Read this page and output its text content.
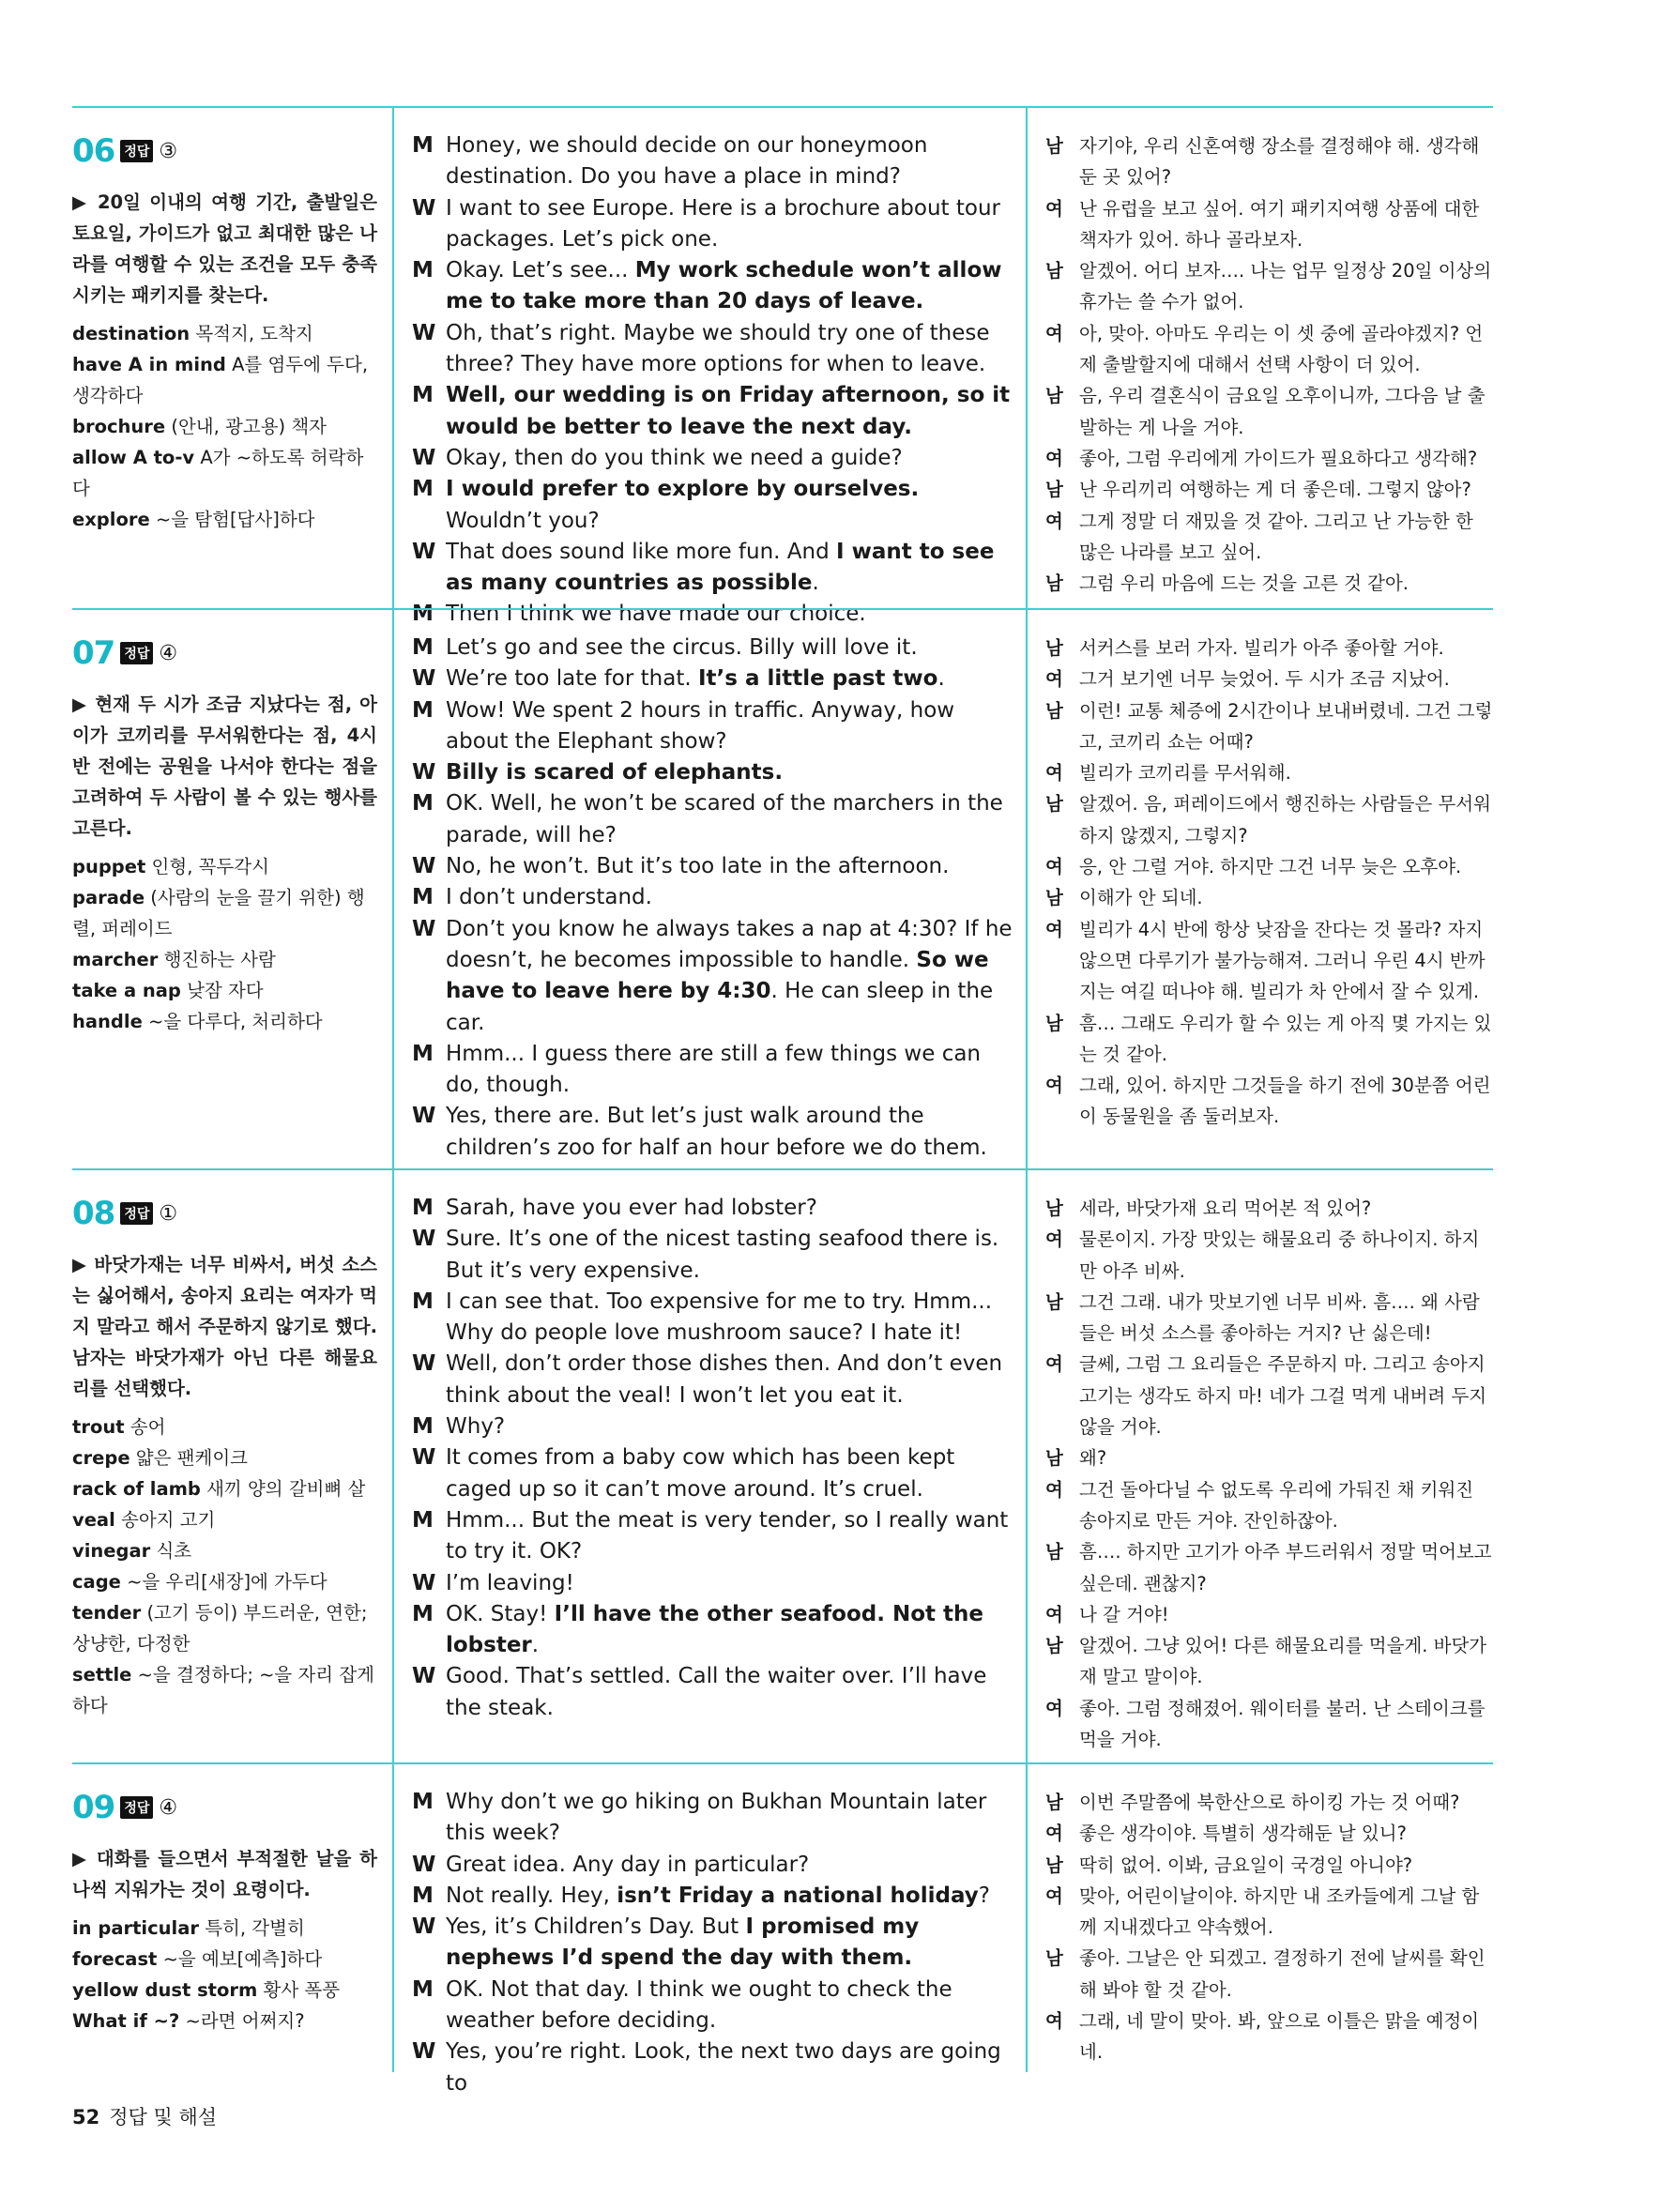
06 정답 ③
▶ 20일 이내의 여행 기간, 출발일은 토요일, 가이드가 없고 최대한 많은 나라를 여행할 수 있는 조건을 모두 충족시키는 패키지를 찾는다.
destination 목적지, 도착지
have A in mind A를 염두에 두다, 생각하다
brochure (안내, 광고용) 책자
allow A to-v A가 ~하도록 허락하다
explore ~을 탐험[답사]하다
M Honey, we should decide on our honeymoon destination. Do you have a place in mind?
W I want to see Europe. Here is a brochure about tour packages. Let’s pick one.
M Okay. Let’s see... My work schedule won’t allow me to take more than 20 days of leave.
W Oh, that’s right. Maybe we should try one of these three? They have more options for when to leave.
M Well, our wedding is on Friday afternoon, so it would be better to leave the next day.
W Okay, then do you think we need a guide?
M I would prefer to explore by ourselves. Wouldn’t you?
W That does sound like more fun. And I want to see as many countries as possible.
M Then I think we have made our choice.
남 자기야, 우리 신혼여행 장소를 결정해야 해. 생각해 둔 곳 있어?
여 난 유럽을 보고 싶어. 여기 패키지여행 상품에 대한 책자가 있어. 하나 골라보자.
남 알겠어. 어디 보자…. 나는 업무 일정상 20일 이상의 휴가는 쓸 수가 없어.
여 아, 맞아. 아마도 우리는 이 셋 중에 골라야겠지? 언제 출발할지에 대해서 선택 사항이 더 있어.
남 음, 우리 결혼식이 금요일 오후이니까, 그다음 날 출발하는 게 나을 거야.
여 좋아, 그럼 우리에게 가이드가 필요하다고 생각해?
남 난 우리끼리 여행하는 게 더 좋은데. 그렇지 않아?
여 그게 정말 더 재밌을 것 같아. 그리고 난 가능한 한 많은 나라를 보고 싶어.
남 그럼 우리 마음에 드는 것을 고른 것 같아.
07 정답 ④
▶ 현재 두 시가 조금 지났다는 점, 아이가 코끼리를 무서워한다는 점, 4시 반 전에는 공원을 나서야 한다는 점을 고려하여 두 사람이 볼 수 있는 행사를 고른다.
puppet 인형, 꼭두각시
parade (사람의 눈을 끌기 위한) 행렬, 퍼레이드
marcher 행진하는 사람
take a nap 낮잠 자다
handle ~을 다루다, 처리하다
M Let’s go and see the circus. Billy will love it.
W We’re too late for that. It’s a little past two.
M Wow! We spent 2 hours in traffic. Anyway, how about the Elephant show?
W Billy is scared of elephants.
M OK. Well, he won’t be scared of the marchers in the parade, will he?
W No, he won’t. But it’s too late in the afternoon.
M I don’t understand.
W Don’t you know he always takes a nap at 4:30? If he doesn’t, he becomes impossible to handle. So we have to leave here by 4:30. He can sleep in the car.
M Hmm... I guess there are still a few things we can do, though.
W Yes, there are. But let’s just walk around the children’s zoo for half an hour before we do them.
남 서커스를 보러 가자. 빌리가 아주 좋아할 거야.
여 그거 보기엔 너무 늦었어. 두 시가 조금 지났어.
남 이런! 교통 체증에 2시간이나 보내버렸네. 그건 그렇고, 코끼리 쇼는 어때?
여 빌리가 코끼리를 무서워해.
남 알겠어. 음, 퍼레이드에서 행진하는 사람들은 무서워하지 않겠지, 그렇지?
여 응, 안 그럴 거야. 하지만 그건 너무 늦은 오후야.
남 이해가 안 되네.
여 빌리가 4시 반에 항상 낮잠을 잔다는 것 몰라? 자지 않으면 다루기가 불가능해져. 그러니 우린 4시 반까지는 여길 떠나야 해. 빌리가 차 안에서 잘 수 있게.
남 흠… 그래도 우리가 할 수 있는 게 아직 몇 가지는 있는 것 같아.
여 그래, 있어. 하지만 그것들을 하기 전에 30분쯤 어린이 동물원을 좀 둘러보자.
08 정답 ①
▶ 바닷가재는 너무 비싸서, 버섯 소스는 싫어해서, 송아지 요리는 여자가 먹지 말라고 해서 주문하지 않기로 했다. 남자는 바닷가재가 아닌 다른 해물요리를 선택했다.
trout 송어
crepe 얇은 팬케이크
rack of lamb 새끼 양의 갈비뼈 살
veal 송아지 고기
vinegar 식초
cage ~을 우리[새장]에 가두다
tender (고기 등이) 부드러운, 연한; 상냥한, 다정한
settle ~을 결정하다; ~을 자리 잡게 하다
M Sarah, have you ever had lobster?
W Sure. It’s one of the nicest tasting seafood there is. But it’s very expensive.
M I can see that. Too expensive for me to try. Hmm... Why do people love mushroom sauce? I hate it!
W Well, don’t order those dishes then. And don’t even think about the veal! I won’t let you eat it.
M Why?
W It comes from a baby cow which has been kept caged up so it can’t move around. It’s cruel.
M Hmm... But the meat is very tender, so I really want to try it. OK?
W I’m leaving!
M OK. Stay! I’ll have the other seafood. Not the lobster.
W Good. That’s settled. Call the waiter over. I’ll have the steak.
남 세라, 바닷가재 요리 먹어본 적 있어?
여 물론이지. 가장 맛있는 해물요리 중 하나이지. 하지만 아주 비싸.
남 그건 그래. 내가 맛보기엔 너무 비싸. 흠…. 왜 사람들은 버섯 소스를 좋아하는 거지? 난 싫은데!
여 글쎄, 그럼 그 요리들은 주문하지 마. 그리고 송아지 고기는 생각도 하지 마! 네가 그걸 먹게 내버려 두지 않을 거야.
남 왜?
여 그건 돌아다닐 수 없도록 우리에 가둬진 채 키워진 송아지로 만든 거야. 잔인하잖아.
남 흠…. 하지만 고기가 아주 부드러워서 정말 먹어보고 싶은데. 괜찮지?
여 나 갈 거야!
남 알겠어. 그냥 있어! 다른 해물요리를 먹을게. 바닷가재 말고 말이야.
여 좋아. 그럼 정해졌어. 웨이터를 불러. 난 스테이크를 먹을 거야.
09 정답 ④
▶ 대화를 들으면서 부적절한 날을 하나씩 지워가는 것이 요령이다.
in particular 특히, 각별히
forecast ~을 예보[예측]하다
yellow dust storm 황사 폭풍
What if ~? ~라면 어쩌지?
M Why don’t we go hiking on Bukhan Mountain later this week?
W Great idea. Any day in particular?
M Not really. Hey, isn’t Friday a national holiday?
W Yes, it’s Children’s Day. But I promised my nephews I’d spend the day with them.
M OK. Not that day. I think we ought to check the weather before deciding.
W Yes, you’re right. Look, the next two days are going to
남 이번 주말쯤에 북한산으로 하이킹 가는 것 어때?
여 좋은 생각이야. 특별히 생각해둔 날 있니?
남 딱히 없어. 이봐, 금요일이 국경일 아니야?
여 맞아, 어린이날이야. 하지만 내 조카들에게 그날 함께 지내겠다고 약속했어.
남 좋아. 그날은 안 되겠고. 결정하기 전에 날씨를 확인해 봐야 할 것 같아.
여 그래, 네 말이 맞아. 봐, 앞으로 이틀은 맑을 예정이네.
52 정답 및 해설
